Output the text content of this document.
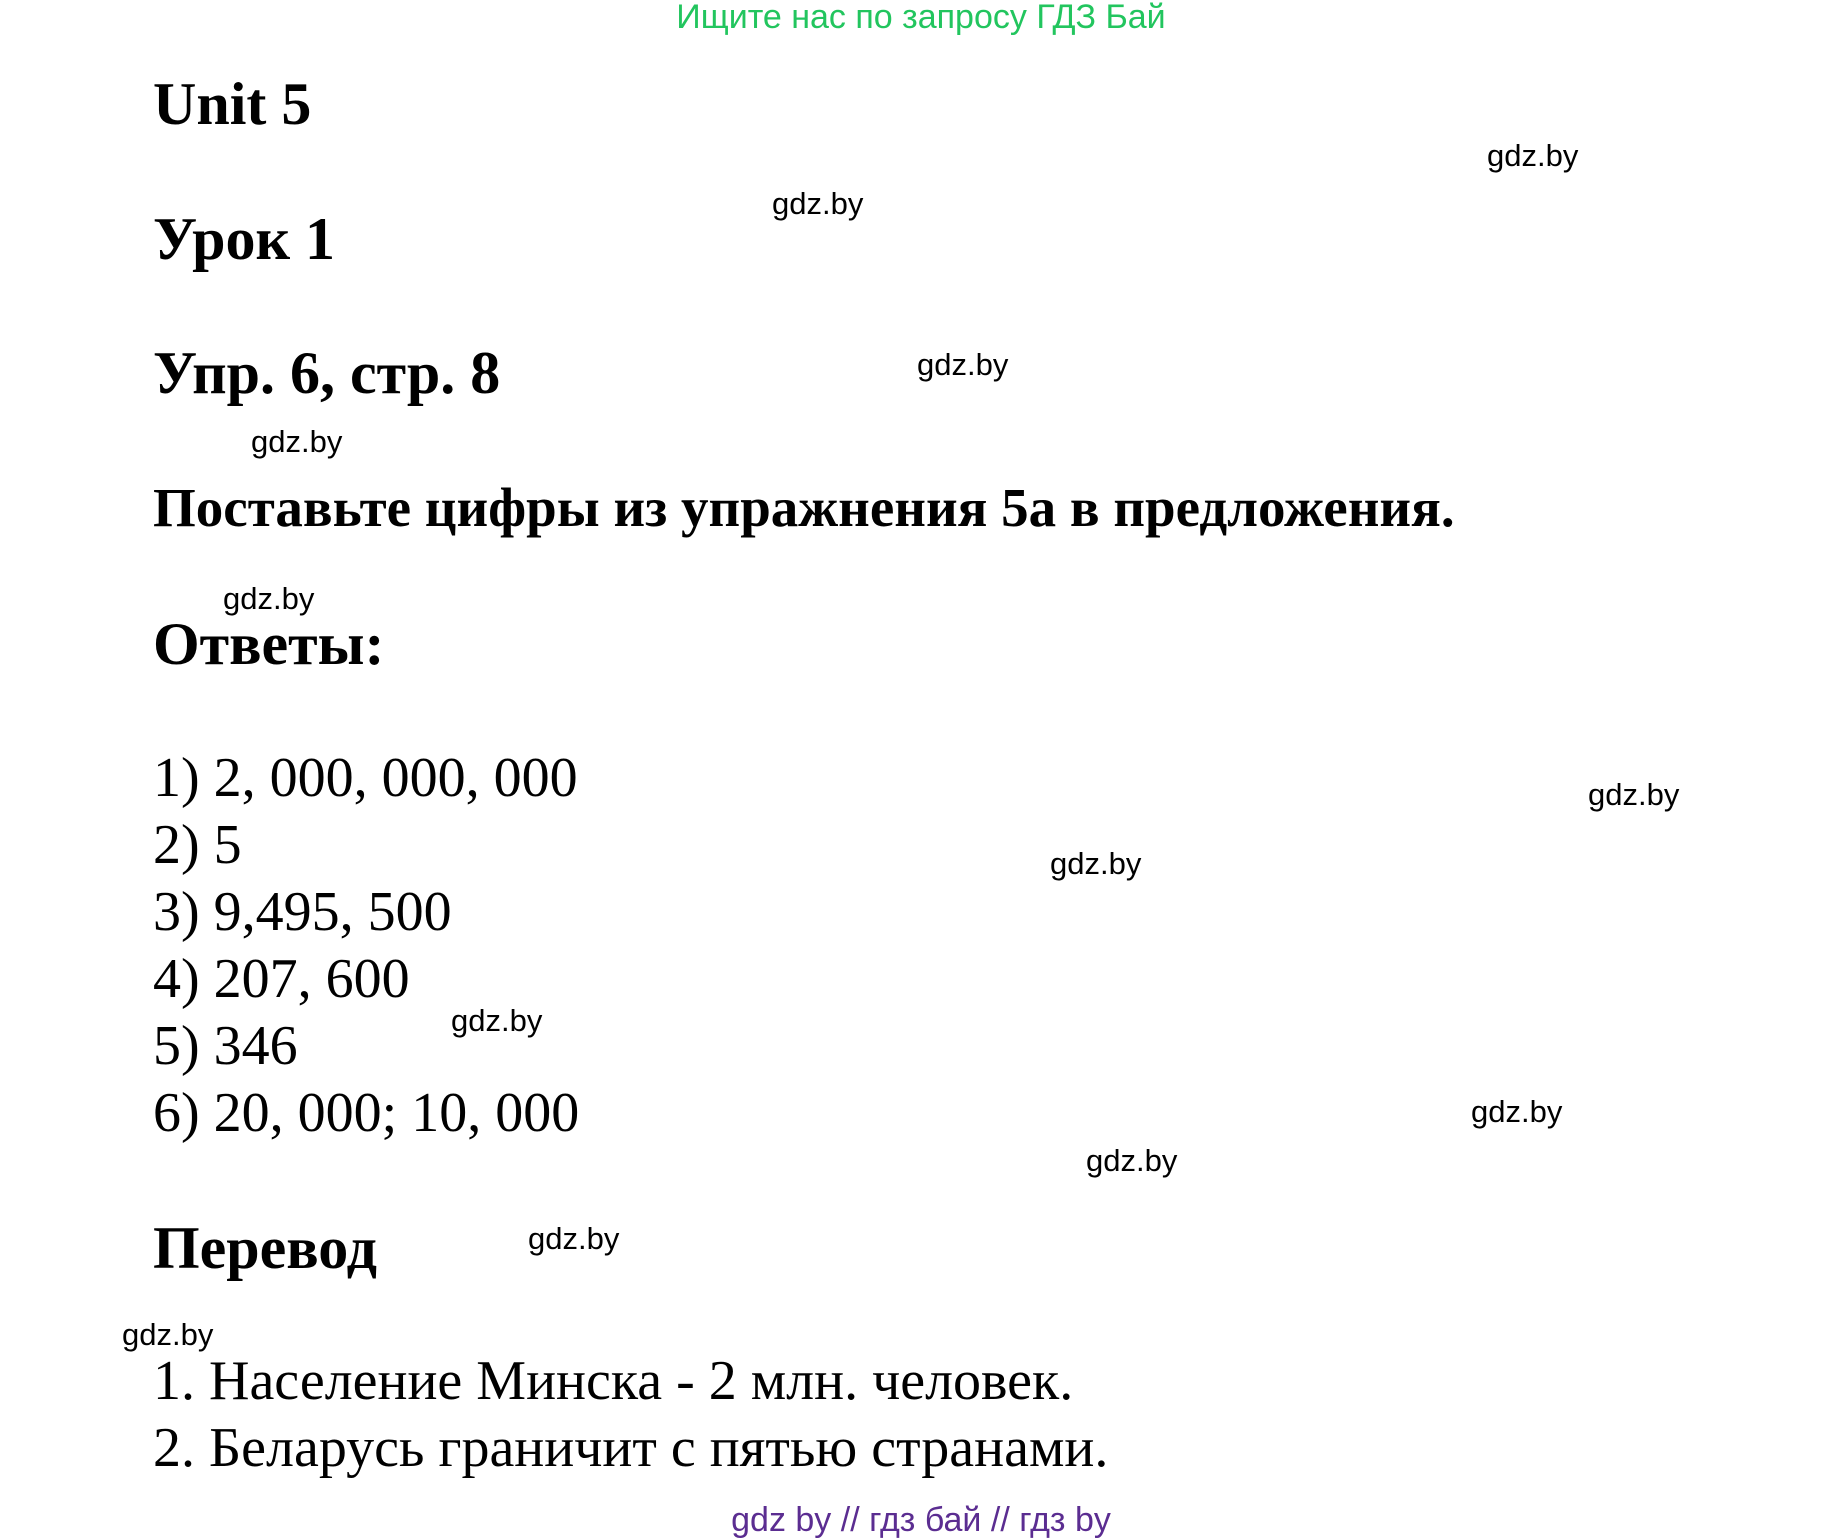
Ищите нас по запросу ГДЗ Бай
Unit 5
Урок 1
Упр. 6, стр. 8

Поставьте цифры из упражнения 5а в предложения.

Ответы:
1) 2, 000, 000, 000
2) 5
3) 9,495, 500
4) 207, 600
5) 346
6) 20, 000; 10, 000
Перевод
1. Население Минска - 2 млн. человек.
2. Беларусь граничит с пятью странами.
gdz.by
gdz.by
gdz.by
gdz.by
gdz.by
gdz.by
gdz.by
gdz.by
gdz.by
gdz.by
gdz.by
gdz.by
gdz by // гдз бай // гдз by
